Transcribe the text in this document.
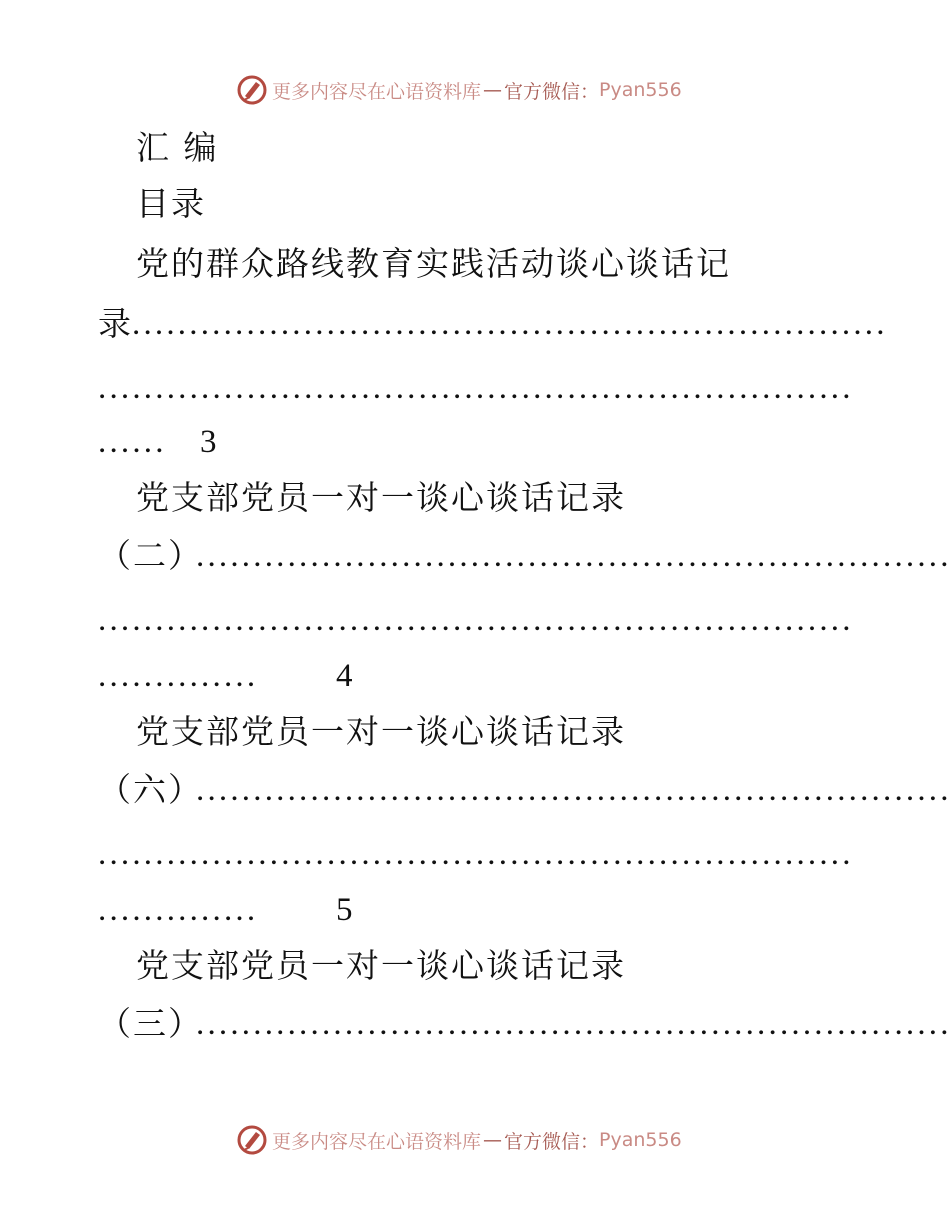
更多内容尽在心语资料库 — 官方微信： Pyan556
汇 编
目录
党的群众路线教育实践活动谈心谈话记
录 ..................................................................
..................................................................
......	3
党支部党员一对一谈心谈话记录
（二）
..................................................................
..................................................................
..............	4
党支部党员一对一谈心谈话记录
（六）
..................................................................
..................................................................
..............	5
党支部党员一对一谈心谈话记录
（三）
..................................................................
更多内容尽在心语资料库 — 官方微信： Pyan556
